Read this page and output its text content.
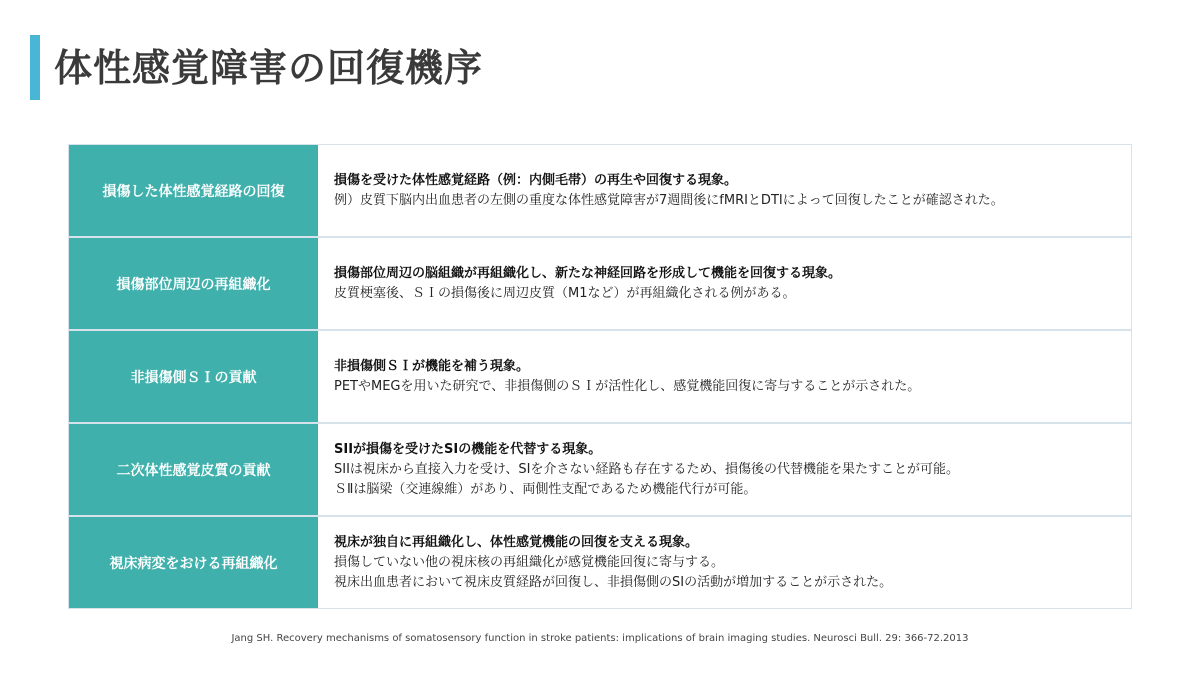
体性感覚障害の回復機序
損傷した体性感覚経路の回復
損傷を受けた体性感覚経路（例：内側毛帯）の再生や回復する現象。
例）皮質下脳内出血患者の左側の重度な体性感覚障害が7週間後にfMRIとDTIによって回復したことが確認された。
損傷部位周辺の再組織化
損傷部位周辺の脳組織が再組織化し、新たな神経回路を形成して機能を回復する現象。
皮質梗塞後、ＳＩの損傷後に周辺皮質（M1など）が再組織化される例がある。
非損傷側ＳＩの貢献
非損傷側ＳＩが機能を補う現象。
PETやMEGを用いた研究で、非損傷側のＳＩが活性化し、感覚機能回復に寄与することが示された。
二次体性感覚皮質の貢献
SIIが損傷を受けたSIの機能を代替する現象。
SIIは視床から直接入力を受け、SIを介さない経路も存在するため、損傷後の代替機能を果たすことが可能。
ＳⅡは脳梁（交連線維）があり、両側性支配であるため機能代行が可能。
視床病変をおける再組織化
視床が独自に再組織化し、体性感覚機能の回復を支える現象。
損傷していない他の視床核の再組織化が感覚機能回復に寄与する。
視床出血患者において視床皮質経路が回復し、非損傷側のSIの活動が増加することが示された。
Jang SH. Recovery mechanisms of somatosensory function in stroke patients: implications of brain imaging studies. Neurosci Bull. 29: 366-72.2013
